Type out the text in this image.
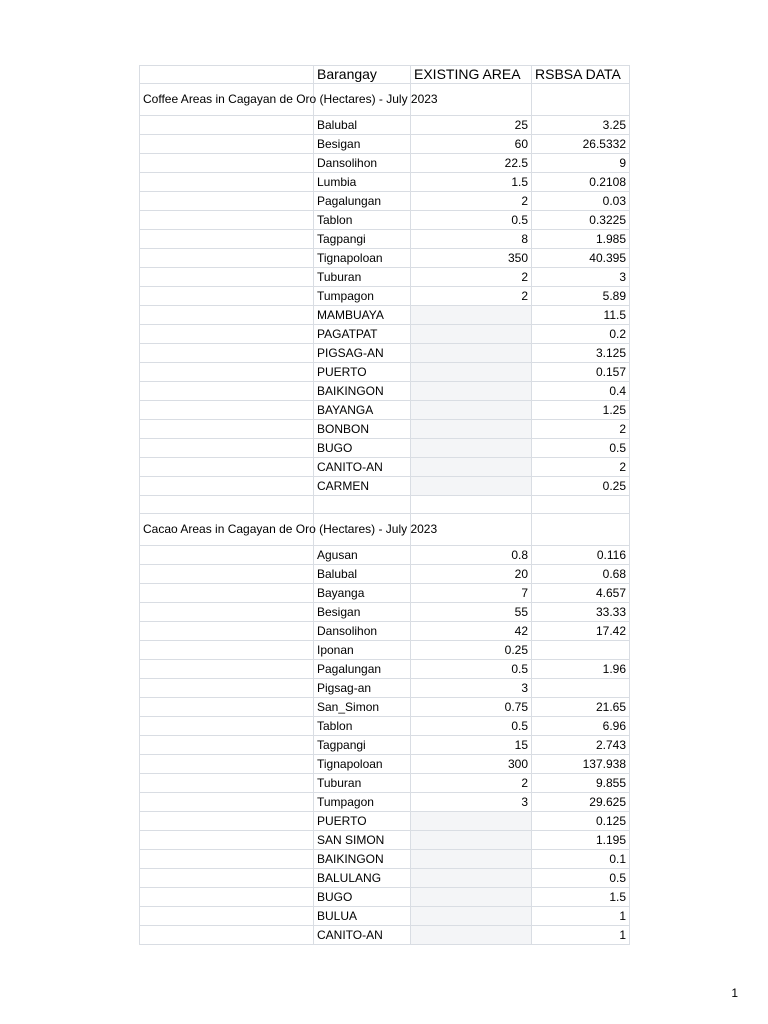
	Barangay	EXISTING AREA	RSBSA DATA
Coffee Areas in Cagayan de Oro (Hectares) - July 2023			
	Balubal	25	3.25
	Besigan	60	26.5332
	Dansolihon	22.5	9
	Lumbia	1.5	0.2108
	Pagalungan	2	0.03
	Tablon	0.5	0.3225
	Tagpangi	8	1.985
	Tignapoloan	350	40.395
	Tuburan	2	3
	Tumpagon	2	5.89
	MAMBUAYA		11.5
	PAGATPAT		0.2
	PIGSAG-AN		3.125
	PUERTO		0.157
	BAIKINGON		0.4
	BAYANGA		1.25
	BONBON		2
	BUGO		0.5
	CANITO-AN		2
	CARMEN		0.25

Cacao Areas in Cagayan de Oro (Hectares) - July 2023			
	Agusan	0.8	0.116
	Balubal	20	0.68
	Bayanga	7	4.657
	Besigan	55	33.33
	Dansolihon	42	17.42
	Iponan	0.25	
	Pagalungan	0.5	1.96
	Pigsag-an	3	
	San_Simon	0.75	21.65
	Tablon	0.5	6.96
	Tagpangi	15	2.743
	Tignapoloan	300	137.938
	Tuburan	2	9.855
	Tumpagon	3	29.625
	PUERTO		0.125
	SAN SIMON		1.195
	BAIKINGON		0.1
	BALULANG		0.5
	BUGO		1.5
	BULUA		1
	CANITO-AN		1
1
